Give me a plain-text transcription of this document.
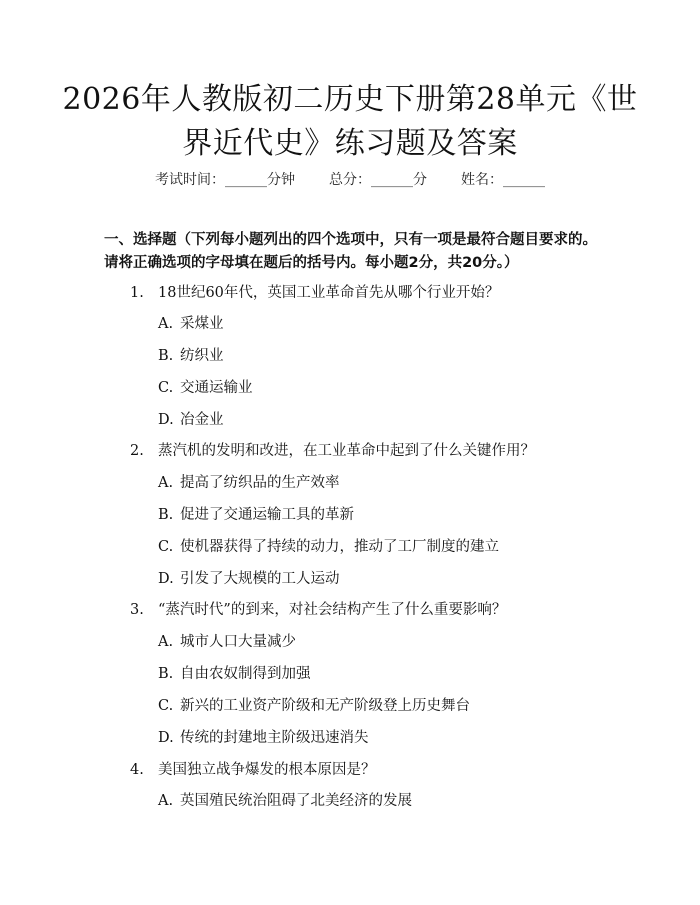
2026年人教版初二历史下册第28单元《世
界近代史》练习题及答案
考试时间：______分钟 总分：______分 姓名：______
一、选择题（下列每小题列出的四个选项中，只有一项是最符合题目要求的。请将正确选项的字母填在题后的括号内。每小题2分，共20分。）
1. 18世纪60年代，英国工业革命首先从哪个行业开始？
A. 采煤业
B. 纺织业
C. 交通运输业
D. 冶金业
2. 蒸汽机的发明和改进，在工业革命中起到了什么关键作用？
A. 提高了纺织品的生产效率
B. 促进了交通运输工具的革新
C. 使机器获得了持续的动力，推动了工厂制度的建立
D. 引发了大规模的工人运动
3. “蒸汽时代”的到来，对社会结构产生了什么重要影响？
A. 城市人口大量减少
B. 自由农奴制得到加强
C. 新兴的工业资产阶级和无产阶级登上历史舞台
D. 传统的封建地主阶级迅速消失
4. 美国独立战争爆发的根本原因是？
A. 英国殖民统治阻碍了北美经济的发展
